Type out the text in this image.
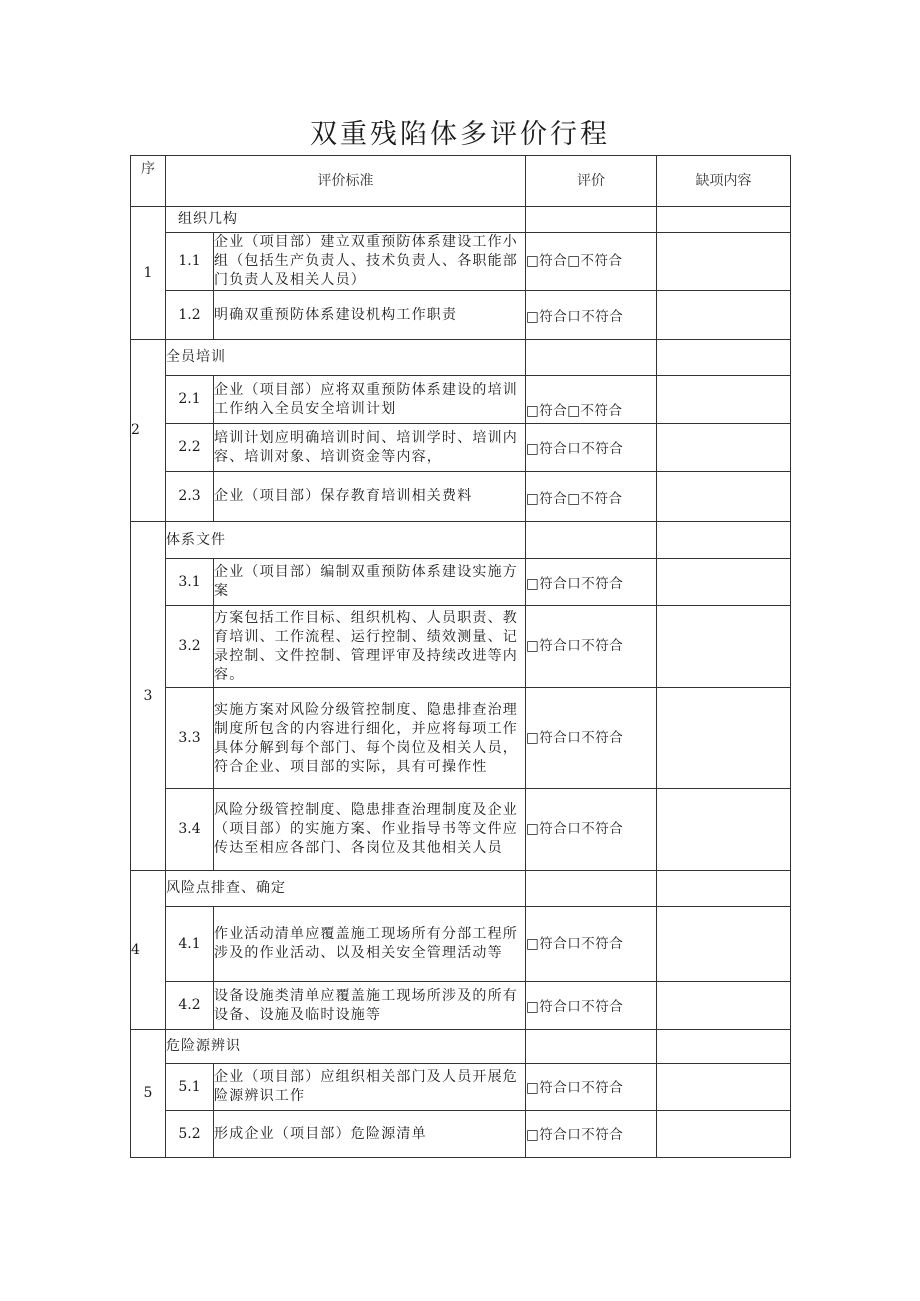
双重残陷体多评价行程
序	评价标准		评价	缺项内容
1	组织几构			
	1.1	企业（项目部）建立双重预防体系建设工作小组（包括生产负责人、技术负责人、各职能部门负责人及相关人员）	□符合□不符合	
	1.2	明确双重预防体系建设机构工作职责	□符合口不符合	
2	全员培训			
	2.1	企业（项目部）应将双重预防体系建设的培训工作纳入全员安全培训计划	□符合□不符合	
	2.2	培训计划应明确培训时间、培训学时、培训内容、培训对象、培训资金等内容，	□符合口不符合	
	2.3	企业（项目部）保存教育培训相关费料	□符合□不符合	
3	体系文件			
	3.1	企业（项目部）编制双重预防体系建设实施方案	□符合口不符合	
	3.2	方案包括工作目标、组织机构、人员职责、教育培训、工作流程、运行控制、绩效测量、记录控制、文件控制、管理评审及持续改进等内容。	□符合口不符合	
	3.3	实施方案对风险分级管控制度、隐患排查治理制度所包含的内容进行细化，并应将每项工作具体分解到每个部门、每个岗位及相关人员，符合企业、项目部的实际，具有可操作性	□符合口不符合	
	3.4	风险分级管控制度、隐患排查治理制度及企业（项目部）的实施方案、作业指导书等文件应传达至相应各部门、各岗位及其他相关人员	□符合口不符合	
4	风险点排查、确定			
	4.1	作业活动清单应覆盖施工现场所有分部工程所涉及的作业活动、以及相关安全管理活动等	□符合口不符合	
	4.2	设备设施类清单应覆盖施工现场所涉及的所有设备、设施及临时设施等	□符合口不符合	
5	危险源辨识			
	5.1	企业（项目部）应组织相关部门及人员开展危险源辨识工作	□符合口不符合	
	5.2	形成企业（项目部）危险源清单	□符合口不符合	
